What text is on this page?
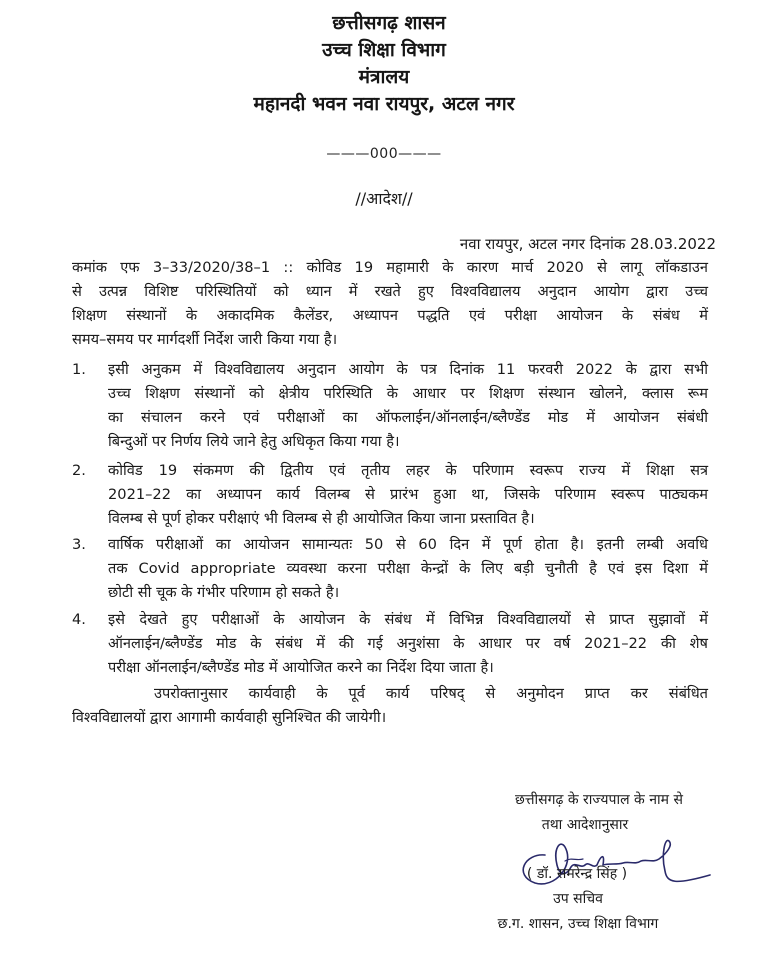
छत्तीसगढ़ शासन
उच्च शिक्षा विभाग
मंत्रालय
महानदी भवन नवा रायपुर, अटल नगर
———000———
//आदेश//
नवा रायपुर, अटल नगर दिनांक 28.03.2022
कमांक एफ 3–33/2020/38–1 :: कोविड 19 महामारी के कारण मार्च 2020 से लागू लॉकडाउन
से उत्पन्न विशिष्ट परिस्थितियों को ध्यान में रखते हुए विश्वविद्यालय अनुदान आयोग द्वारा उच्च
शिक्षण संस्थानों के अकादमिक कैलेंडर, अध्यापन पद्धति एवं परीक्षा आयोजन के संबंध में
समय–समय पर मार्गदर्शी निर्देश जारी किया गया है।
1.	इसी अनुकम में विश्वविद्यालय अनुदान आयोग के पत्र दिनांक 11 फरवरी 2022 के द्वारा सभी
उच्च शिक्षण संस्थानों को क्षेत्रीय परिस्थिति के आधार पर शिक्षण संस्थान खोलने, क्लास रूम
का संचालन करने एवं परीक्षाओं का ऑफलाईन/ऑनलाईन/ब्लैण्डेंड मोड में आयोजन संबंधी
बिन्दुओं पर निर्णय लिये जाने हेतु अधिकृत किया गया है।
2.	कोविड 19 संकमण की द्वितीय एवं तृतीय लहर के परिणाम स्वरूप राज्य में शिक्षा सत्र
2021–22 का अध्यापन कार्य विलम्ब से प्रारंभ हुआ था, जिसके परिणाम स्वरूप पाठ्यकम
विलम्ब से पूर्ण होकर परीक्षाएं भी विलम्ब से ही आयोजित किया जाना प्रस्तावित है।
3.	वार्षिक परीक्षाओं का आयोजन सामान्यतः 50 से 60 दिन में पूर्ण होता है। इतनी लम्बी अवधि
तक Covid appropriate व्यवस्था करना परीक्षा केन्द्रों के लिए बड़ी चुनौती है एवं इस दिशा में
छोटी सी चूक के गंभीर परिणाम हो सकते है।
4.	इसे देखते हुए परीक्षाओं के आयोजन के संबंध में विभिन्न विश्वविद्यालयों से प्राप्त सुझावों में
ऑनलाईन/ब्लैण्डेंड मोड के संबंध में की गई अनुशंसा के आधार पर वर्ष 2021–22 की शेष
परीक्षा ऑनलाईन/ब्लैण्डेंड मोड में आयोजित करने का निर्देश दिया जाता है।
उपरोक्तानुसार कार्यवाही के पूर्व कार्य परिषद् से अनुमोदन प्राप्त कर संबंधित
विश्वविद्यालयों द्वारा आगामी कार्यवाही सुनिश्चित की जायेगी।
छत्तीसगढ़ के राज्यपाल के नाम से
तथा आदेशानुसार
( डॉ. समरेन्द्र सिंह )
उप सचिव
छ.ग. शासन, उच्च शिक्षा विभाग
